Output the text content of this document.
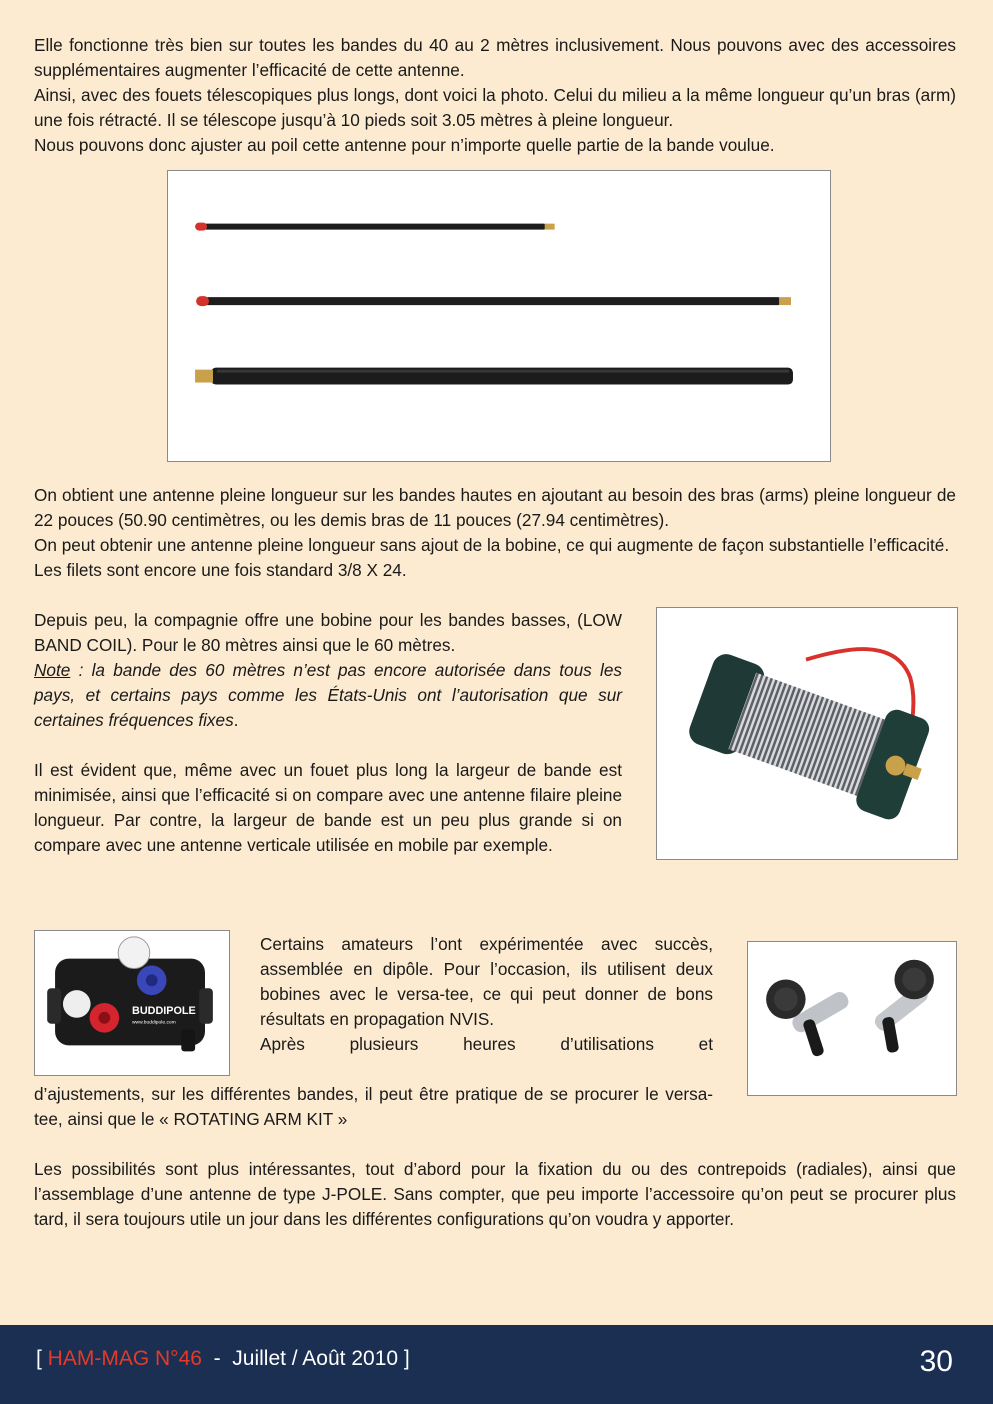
Elle fonctionne très bien sur toutes les bandes du 40 au 2 mètres inclusivement. Nous pouvons avec des accessoires supplémentaires augmenter l’efficacité de cette antenne.

Ainsi, avec des fouets télescopiques plus longs, dont voici la photo. Celui du milieu a la même longueur qu’un bras (arm) une fois rétracté. Il se télescope jusqu’à 10 pieds soit 3.05 mètres à pleine longueur.

Nous pouvons donc ajuster au poil cette antenne pour n’importe quelle partie de la bande voulue.

On obtient une antenne pleine longueur sur les bandes hautes en ajoutant au besoin des bras (arms) pleine longueur de 22 pouces (50.90 centimètres, ou les demis bras de 11 pouces (27.94 centimètres).

On peut obtenir une antenne pleine longueur sans ajout de la bobine, ce qui augmente de façon substantielle l’efficacité.

Les filets sont encore une fois standard 3/8 X 24.

Depuis peu, la compagnie offre une bobine pour les bandes basses, (LOW BAND COIL). Pour le 80 mètres ainsi que le 60 mètres.

Note : la bande des 60 mètres n’est pas encore autorisée dans tous les pays, et certains pays comme les États-Unis ont l’autorisation que sur certaines fréquences fixes.

Il est évident que, même avec un fouet plus long la largeur de bande est minimisée, ainsi que l’efficacité si on compare avec une antenne filaire pleine longueur. Par contre, la largeur de bande est un peu plus grande si on compare avec une antenne verticale utilisée en mobile par exemple.

BUDDIPOLE
www.buddipole.com

Certains amateurs l’ont expérimentée avec succès, assemblée en dipôle. Pour l’occasion, ils utilisent deux bobines avec le versa-tee, ce qui peut donner de bons résultats en propagation NVIS.

Après plusieurs heures d’utilisations et

d’ajustements, sur les différentes bandes, il peut être pratique de se procurer le versa-tee, ainsi que le « ROTATING ARM KIT »

Les possibilités sont plus intéressantes, tout d’abord pour la fixation du ou des contrepoids (radiales), ainsi que l’assemblage d’une antenne de type J-POLE. Sans compter, que peu importe l’accessoire qu’on peut se procurer plus tard, il sera toujours utile un jour dans les différentes configurations qu’on voudra y apporter.

[ HAM-MAG N°46  -  Juillet / Août 2010 ]	30
